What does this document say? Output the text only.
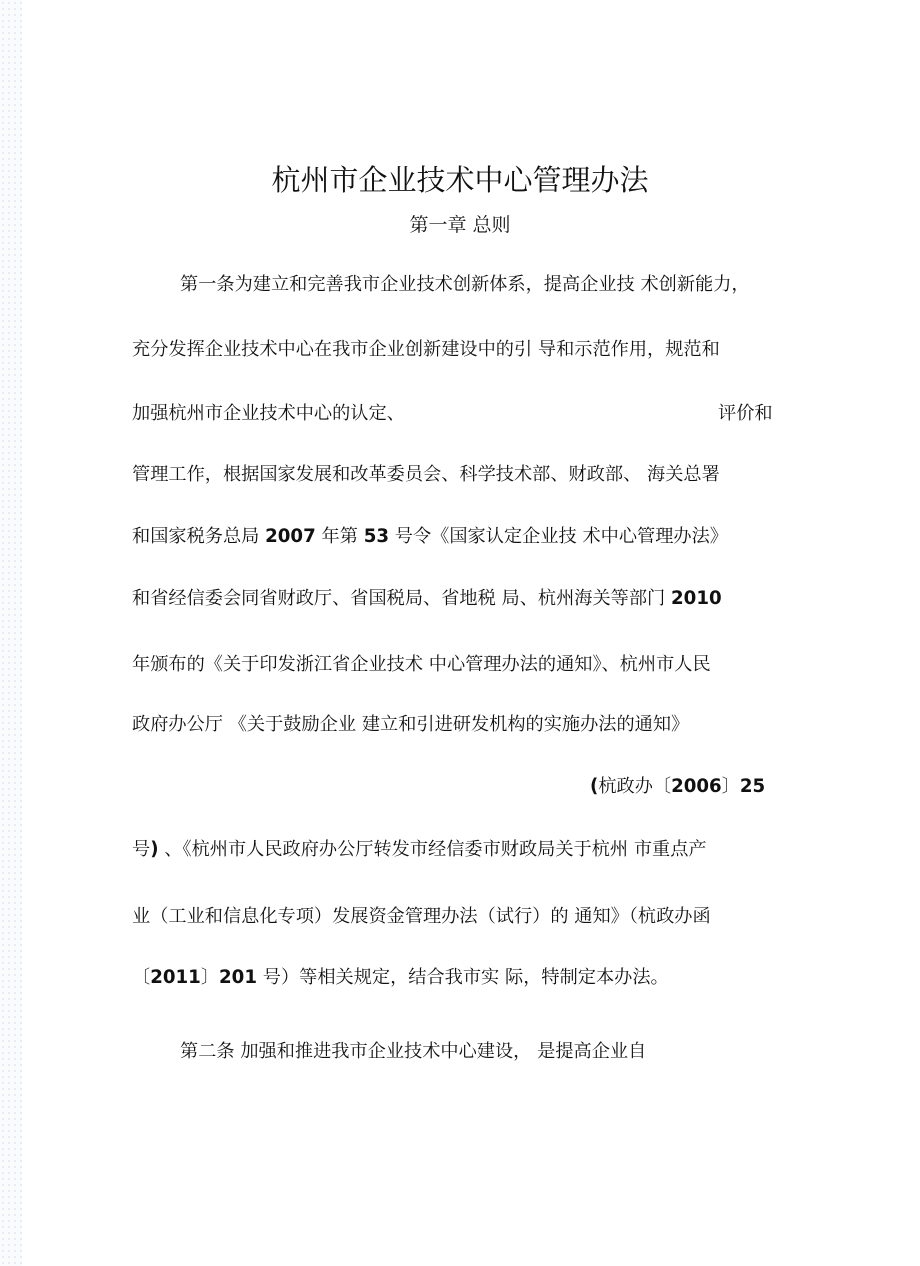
杭州市企业技术中心管理办法
第一章 总则

第一条为建立和完善我市企业技术创新体系，提高企业技 术创新能力，

充分发挥企业技术中心在我市企业创新建设中的引 导和示范作用，规范和

加强杭州市企业技术中心的认定、	评价和

管理工作，根据国家发展和改革委员会、科学技术部、财政部、 海关总署

和国家税务总局 2007 年第 53 号令《国家认定企业技 术中心管理办法》

和省经信委会同省财政厅、省国税局、省地税 局、杭州海关等部门 2010

年颁布的《关于印发浙江省企业技术 中心管理办法的通知》、杭州市人民

政府办公厅 《关于鼓励企业 建立和引进研发机构的实施办法的通知》

(杭政办〔2006〕25

号) 、《杭州市人民政府办公厅转发市经信委市财政局关于杭州 市重点产

业（工业和信息化专项）发展资金管理办法（试行）的 通知》（杭政办函

〔2011〕201 号）等相关规定，结合我市实 际，特制定本办法。

第二条 加强和推进我市企业技术中心建设， 是提高企业自
